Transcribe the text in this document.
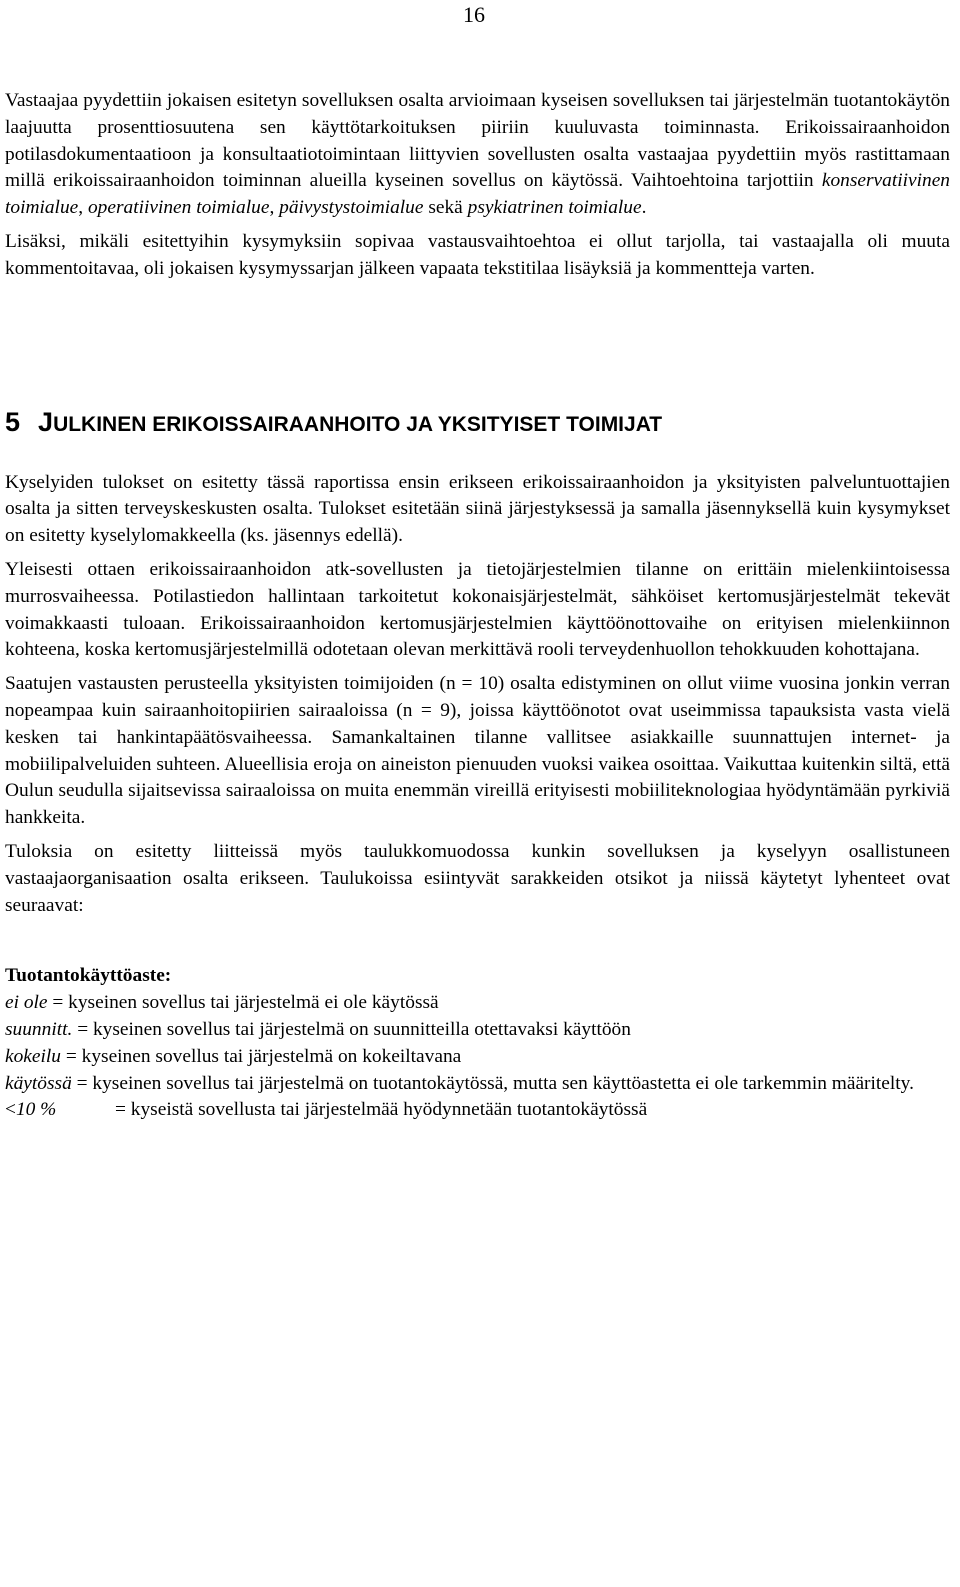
16

Vastaajaa pyydettiin jokaisen esitetyn sovelluksen osalta arvioimaan kyseisen sovelluksen tai järjestelmän tuotantokäytön laajuutta prosenttiosuutena sen käyttötarkoituksen piiriin kuuluvasta toiminnasta. Erikoissairaanhoidon potilasdokumentaatioon ja konsultaatiotoimintaan liittyvien sovellusten osalta vastaajaa pyydettiin myös rastittamaan millä erikoissairaanhoidon toiminnan alueilla kyseinen sovellus on käytössä. Vaihtoehtoina tarjottiin konservatiivinen toimialue, operatiivinen toimialue, päivystystoimialue sekä psykiatrinen toimialue.

Lisäksi, mikäli esitettyihin kysymyksiin sopivaa vastausvaihtoehtoa ei ollut tarjolla, tai vastaajalla oli muuta kommentoitavaa, oli jokaisen kysymyssarjan jälkeen vapaata tekstitilaa lisäyksiä ja kommentteja varten.

5 JULKINEN ERIKOISSAIRAANHOITO JA YKSITYISET TOIMIJAT

Kyselyiden tulokset on esitetty tässä raportissa ensin erikseen erikoissairaanhoidon ja yksityisten palveluntuottajien osalta ja sitten terveyskeskusten osalta. Tulokset esitetään siinä järjestyksessä ja samalla jäsennyksellä kuin kysymykset on esitetty kyselylomakkeella (ks. jäsennys edellä).

Yleisesti ottaen erikoissairaanhoidon atk-sovellusten ja tietojärjestelmien tilanne on erittäin mielenkiintoisessa murrosvaiheessa. Potilastiedon hallintaan tarkoitetut kokonaisjärjestelmät, sähköiset kertomusjärjestelmät tekevät voimakkaasti tuloaan. Erikoissairaanhoidon kertomusjärjestelmien käyttöönottovaihe on erityisen mielenkiinnon kohteena, koska kertomusjärjestelmillä odotetaan olevan merkittävä rooli terveydenhuollon tehokkuuden kohottajana.

Saatujen vastausten perusteella yksityisten toimijoiden (n = 10) osalta edistyminen on ollut viime vuosina jonkin verran nopeampaa kuin sairaanhoitopiirien sairaaloissa (n = 9), joissa käyttöönotot ovat useimmissa tapauksista vasta vielä kesken tai hankintapäätösvaiheessa. Samankaltainen tilanne vallitsee asiakkaille suunnattujen internet- ja mobiilipalveluiden suhteen. Alueellisia eroja on aineiston pienuuden vuoksi vaikea osoittaa. Vaikuttaa kuitenkin siltä, että Oulun seudulla sijaitsevissa sairaaloissa on muita enemmän vireillä erityisesti mobiiliteknologiaa hyödyntämään pyrkiviä hankkeita.

Tuloksia on esitetty liitteissä myös taulukkomuodossa kunkin sovelluksen ja kyselyyn osallistuneen vastaajaorganisaation osalta erikseen. Taulukoissa esiintyvät sarakkeiden otsikot ja niissä käytetyt lyhenteet ovat seuraavat:

Tuotantokäyttöaste:

ei ole = kyseinen sovellus tai järjestelmä ei ole käytössä

suunnitt. = kyseinen sovellus tai järjestelmä on suunnitteilla otettavaksi käyttöön

kokeilu = kyseinen sovellus tai järjestelmä on kokeiltavana

käytössä = kyseinen sovellus tai järjestelmä on tuotantokäytössä, mutta sen käyttöastetta ei ole tarkemmin määritelty.

<10 %	= kyseistä sovellusta tai järjestelmää hyödynnetään tuotantokäytössä
